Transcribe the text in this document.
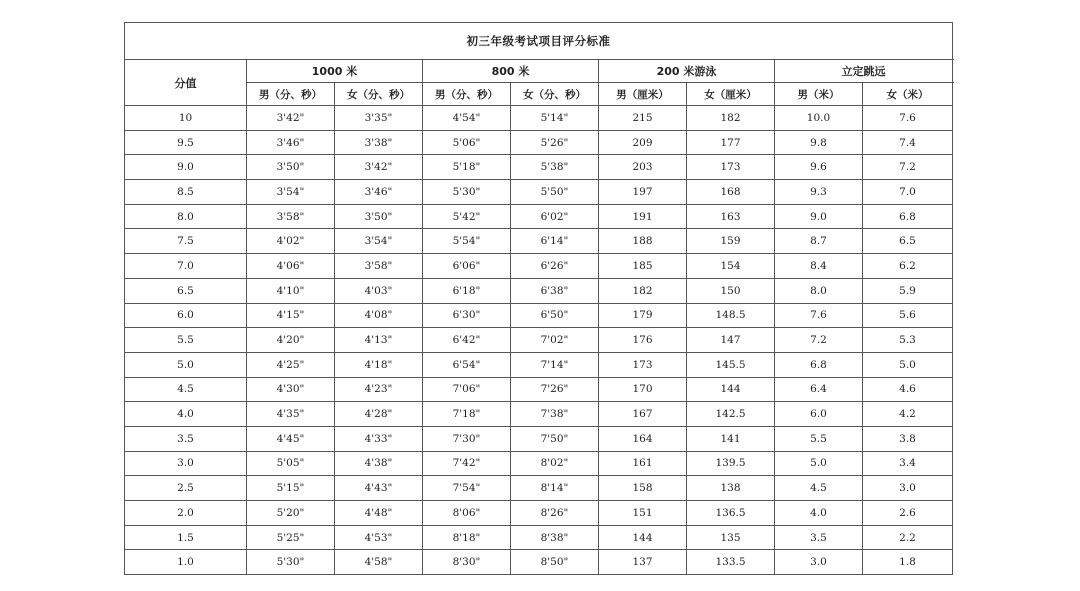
初三年级考试项目评分标准									
分值	1000 米		800 米		200 米游泳		立定跳远	
	男（分、秒）	女（分、秒）	男（分、秒）	女（分、秒）	男（厘米）	女（厘米）	男（米）	女（米）	
10	3'42"	3'35"	4'54"	5'14"	215	182	10.0	7.6	
9.5	3'46"	3'38"	5'06"	5'26"	209	177	9.8	7.4	
9.0	3'50"	3'42"	5'18"	5'38"	203	173	9.6	7.2	
8.5	3'54"	3'46"	5'30"	5'50"	197	168	9.3	7.0	
8.0	3'58"	3'50"	5'42"	6'02"	191	163	9.0	6.8	
7.5	4'02"	3'54"	5'54"	6'14"	188	159	8.7	6.5	
7.0	4'06"	3'58"	6'06"	6'26"	185	154	8.4	6.2	
6.5	4'10"	4'03"	6'18"	6'38"	182	150	8.0	5.9	
6.0	4'15"	4'08"	6'30"	6'50"	179	148.5	7.6	5.6	
5.5	4'20"	4'13"	6'42"	7'02"	176	147	7.2	5.3	
5.0	4'25"	4'18"	6'54"	7'14"	173	145.5	6.8	5.0	
4.5	4'30"	4'23"	7'06"	7'26"	170	144	6.4	4.6	
4.0	4'35"	4'28"	7'18"	7'38"	167	142.5	6.0	4.2	
3.5	4'45"	4'33"	7'30"	7'50"	164	141	5.5	3.8	
3.0	5'05"	4'38"	7'42"	8'02"	161	139.5	5.0	3.4	
2.5	5'15"	4'43"	7'54"	8'14"	158	138	4.5	3.0	
2.0	5'20"	4'48"	8'06"	8'26"	151	136.5	4.0	2.6	
1.5	5'25"	4'53"	8'18"	8'38"	144	135	3.5	2.2	
1.0	5'30"	4'58"	8'30"	8'50"	137	133.5	3.0	1.8	
